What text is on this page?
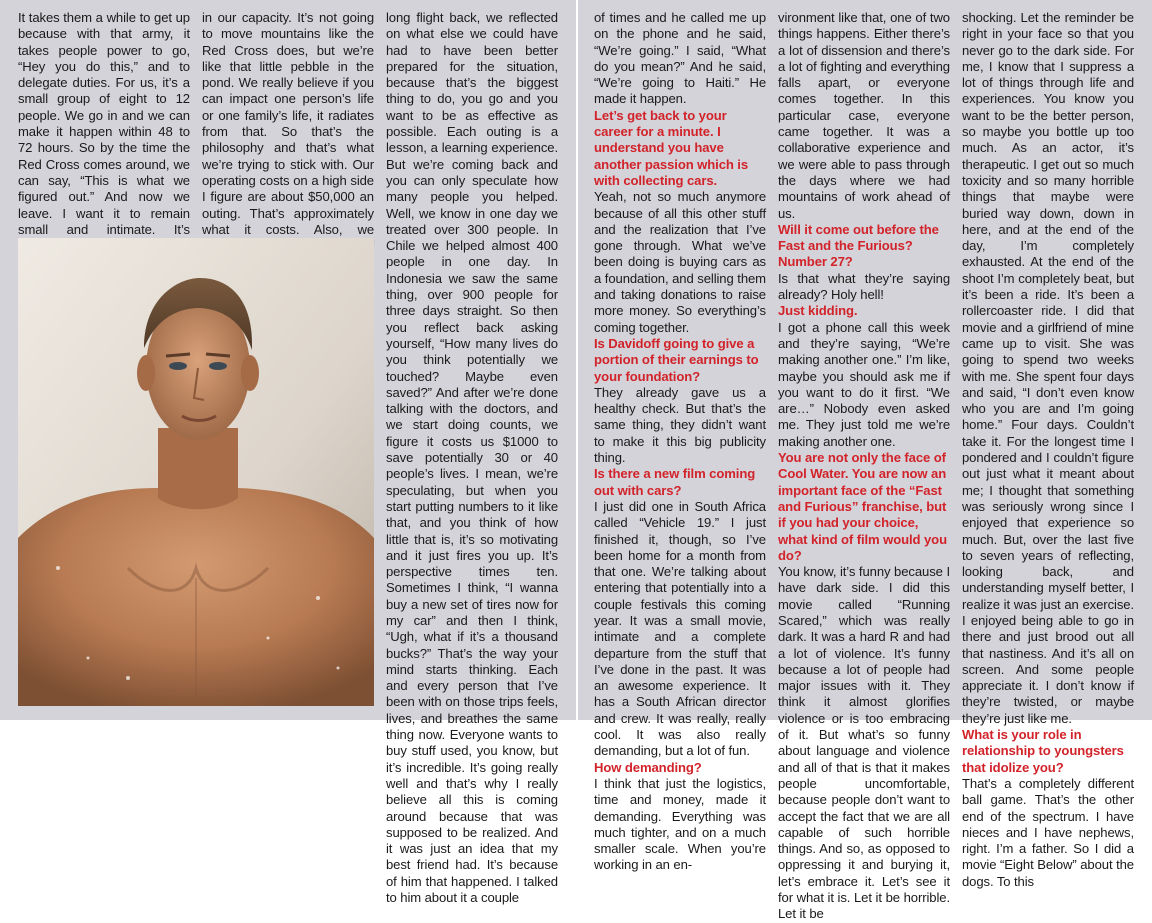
It takes them a while to get up because with that army, it takes people power to go, “Hey you do this,” and to delegate duties. For us, it’s a small group of eight to 12 people. We go in and we can make it happen within 48 to 72 hours. So by the time the Red Cross comes around, we can say, “This is what we figured out.” And now we leave. I want it to remain small and intimate. It’s

in our capacity. It’s not going to move mountains like the Red Cross does, but we’re like that little pebble in the pond. We really believe if you can impact one person’s life or one family’s life, it radiates from that. So that’s the philosophy and that’s what we’re trying to stick with. Our operating costs on a high side I figure are about $50,000 an outing. That’s approximately what it costs. Also, we

long flight back, we reflected on what else we could have had to have been better prepared for the situation, because that’s the biggest thing to do, you go and you want to be as effective as possible. Each outing is a lesson, a learning experience. But we’re coming back and you can only speculate how many people you helped. Well, we know in one day we treated over 300 people. In Chile we helped almost 400 people in one day. In Indonesia we saw the same thing, over 900 people for three days straight. So then you reflect back asking yourself, “How many lives do you think potentially we touched? Maybe even saved?” And after we’re done talking with the doctors, and we start doing counts, we figure it costs us $1000 to save potentially 30 or 40 people’s lives. I mean, we’re speculating, but when you start putting numbers to it like that, and you think of how little that is, it’s so motivating and it just fires you up. It’s perspective times ten. Sometimes I think, “I wanna buy a new set of tires now for my car” and then I think, “Ugh, what if it’s a thousand bucks?” That’s the way your mind starts thinking. Each and every person that I’ve been with on those trips feels, lives, and breathes the same thing now. Everyone wants to buy stuff used, you know, but it’s incredible. It’s going really well and that’s why I really believe all this is coming around because that was supposed to be realized. And it was just an idea that my best friend had. It’s because of him that happened. I talked to him about it a couple

of times and he called me up on the phone and he said, “We’re going.” I said, “What do you mean?” And he said, “We’re going to Haiti.” He made it happen.

Let’s get back to your career for a minute. I understand you have another passion which is with collecting cars.

Yeah, not so much anymore because of all this other stuff and the realization that I’ve gone through. What we’ve been doing is buying cars as a foundation, and selling them and taking donations to raise more money. So everything’s coming together.

Is Davidoff going to give a portion of their earnings to your foundation?

They already gave us a healthy check. But that’s the same thing, they didn’t want to make it this big publicity thing.

Is there a new film coming out with cars?

I just did one in South Africa called “Vehicle 19.” I just finished it, though, so I’ve been home for a month from that one. We’re talking about entering that potentially into a couple festivals this coming year. It was a small movie, intimate and a complete departure from the stuff that I’ve done in the past. It was an awesome experience. It has a South African director and crew. It was really, really cool. It was also really demanding, but a lot of fun.

How demanding?

I think that just the logistics, time and money, made it demanding. Everything was much tighter, and on a much smaller scale. When you’re working in an en-

vironment like that, one of two things happens. Either there’s a lot of dissension and there’s a lot of fighting and everything falls apart, or everyone comes together. In this particular case, everyone came together. It was a collaborative experience and we were able to pass through the days where we had mountains of work ahead of us.

Will it come out before the Fast and the Furious? Number 27?

Is that what they’re saying already? Holy hell!

Just kidding.

I got a phone call this week and they’re saying, “We’re making another one.” I’m like, maybe you should ask me if you want to do it first. “We are…” Nobody even asked me. They just told me we’re making another one.

You are not only the face of Cool Water. You are now an important face of the “Fast and Furious” franchise, but if you had your choice, what kind of film would you do?

You know, it’s funny because I have dark side. I did this movie called “Running Scared,” which was really dark. It was a hard R and had a lot of violence. It’s funny because a lot of people had major issues with it. They think it almost glorifies violence or is too embracing of it. But what’s so funny about language and violence and all of that is that it makes people uncomfortable, because people don’t want to accept the fact that we are all capable of such horrible things. And so, as opposed to oppressing it and burying it, let’s embrace it. Let’s see it for what it is. Let it be horrible. Let it be

shocking. Let the reminder be right in your face so that you never go to the dark side. For me, I know that I suppress a lot of things through life and experiences. You know you want to be the better person, so maybe you bottle up too much. As an actor, it’s therapeutic. I get out so much toxicity and so many horrible things that maybe were buried way down, down in here, and at the end of the day, I’m completely exhausted. At the end of the shoot I’m completely beat, but it’s been a ride. It’s been a rollercoaster ride. I did that movie and a girlfriend of mine came up to visit. She was going to spend two weeks with me. She spent four days and said, “I don’t even know who you are and I’m going home.” Four days. Couldn’t take it. For the longest time I pondered and I couldn’t figure out just what it meant about me; I thought that something was seriously wrong since I enjoyed that experience so much. But, over the last five to seven years of reflecting, looking back, and understanding myself better, I realize it was just an exercise. I enjoyed being able to go in there and just brood out all that nastiness. And it’s all on screen. And some people appreciate it. I don’t know if they’re twisted, or maybe they’re just like me.

What is your role in relationship to youngsters that idolize you?

That’s a completely different ball game. That’s the other end of the spectrum. I have nieces and I have nephews, right. I’m a father. So I did a movie “Eight Below” about the dogs. To this
